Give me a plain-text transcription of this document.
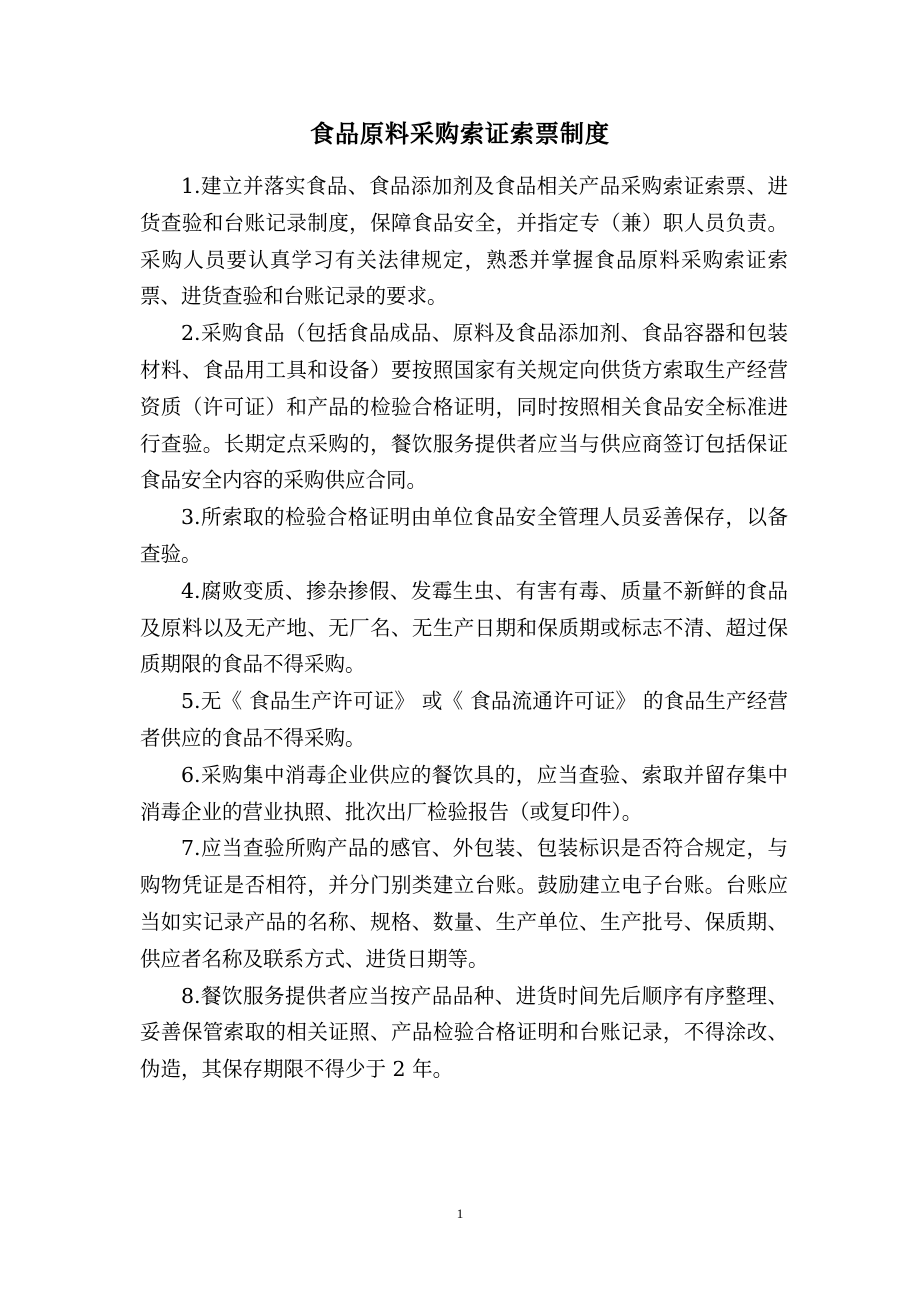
食品原料采购索证索票制度

1.建立并落实食品、食品添加剂及食品相关产品采购索证索票、进货查验和台账记录制度，保障食品安全，并指定专（兼）职人员负责。采购人员要认真学习有关法律规定，熟悉并掌握食品原料采购索证索票、进货查验和台账记录的要求。

2.采购食品（包括食品成品、原料及食品添加剂、食品容器和包装材料、食品用工具和设备）要按照国家有关规定向供货方索取生产经营资质（许可证）和产品的检验合格证明，同时按照相关食品安全标准进行查验。长期定点采购的，餐饮服务提供者应当与供应商签订包括保证食品安全内容的采购供应合同。

3.所索取的检验合格证明由单位食品安全管理人员妥善保存，以备查验。

4.腐败变质、掺杂掺假、发霉生虫、有害有毒、质量不新鲜的食品及原料以及无产地、无厂名、无生产日期和保质期或标志不清、超过保质期限的食品不得采购。

5.无《 食品生产许可证》 或《 食品流通许可证》 的食品生产经营者供应的食品不得采购。

6.采购集中消毒企业供应的餐饮具的，应当查验、索取并留存集中消毒企业的营业执照、批次出厂检验报告（或复印件）。

7.应当查验所购产品的感官、外包装、包装标识是否符合规定，与购物凭证是否相符，并分门别类建立台账。鼓励建立电子台账。台账应当如实记录产品的名称、规格、数量、生产单位、生产批号、保质期、供应者名称及联系方式、进货日期等。

8.餐饮服务提供者应当按产品品种、进货时间先后顺序有序整理、妥善保管索取的相关证照、产品检验合格证明和台账记录，不得涂改、伪造，其保存期限不得少于 2 年。

1
